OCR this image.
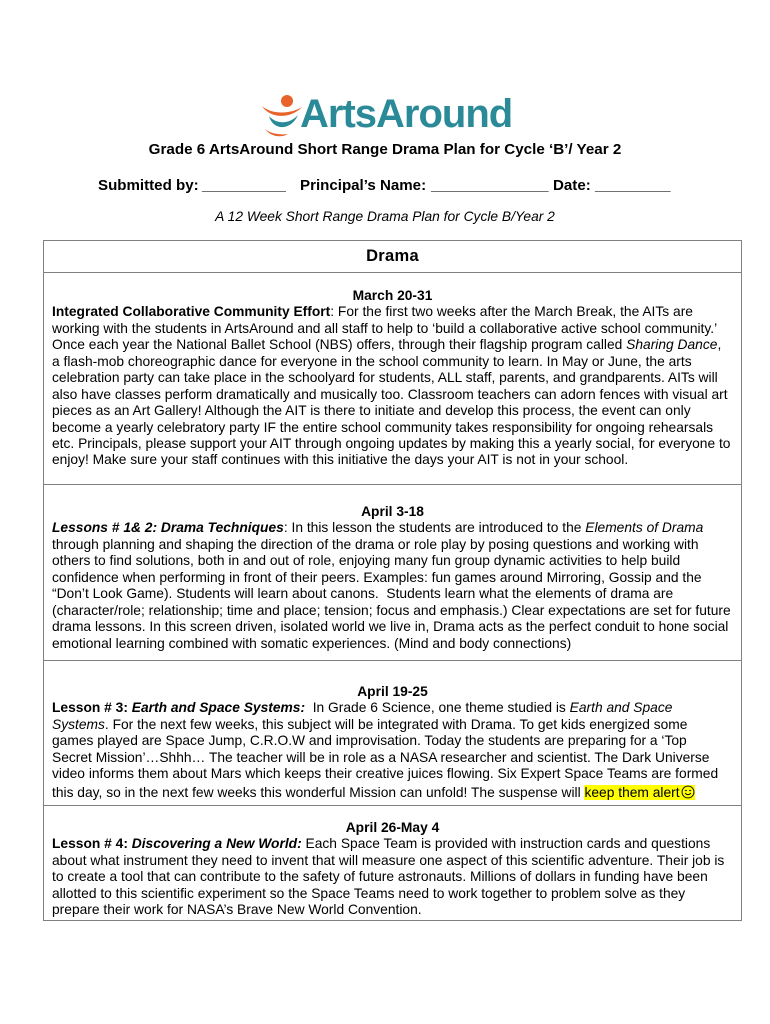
ArtsAround
Grade 6 ArtsAround Short Range Drama Plan for Cycle ‘B’/ Year 2
Submitted by: __________ Principal’s Name: ______________ Date: _________
A 12 Week Short Range Drama Plan for Cycle B/Year 2
Drama
March 20-31
Integrated Collaborative Community Effort: For the first two weeks after the March Break, the AITs are
working with the students in ArtsAround and all staff to help to ‘build a collaborative active school community.’
Once each year the National Ballet School (NBS) offers, through their flagship program called Sharing Dance,
a flash-mob choreographic dance for everyone in the school community to learn. In May or June, the arts
celebration party can take place in the schoolyard for students, ALL staff, parents, and grandparents. AITs will
also have classes perform dramatically and musically too. Classroom teachers can adorn fences with visual art
pieces as an Art Gallery! Although the AIT is there to initiate and develop this process, the event can only
become a yearly celebratory party IF the entire school community takes responsibility for ongoing rehearsals
etc. Principals, please support your AIT through ongoing updates by making this a yearly social, for everyone to
enjoy! Make sure your staff continues with this initiative the days your AIT is not in your school.
April 3-18
Lessons # 1& 2: Drama Techniques: In this lesson the students are introduced to the Elements of Drama
through planning and shaping the direction of the drama or role play by posing questions and working with
others to find solutions, both in and out of role, enjoying many fun group dynamic activities to help build
confidence when performing in front of their peers. Examples: fun games around Mirroring, Gossip and the
“Don’t Look Game). Students will learn about canons.  Students learn what the elements of drama are
(character/role; relationship; time and place; tension; focus and emphasis.) Clear expectations are set for future
drama lessons. In this screen driven, isolated world we live in, Drama acts as the perfect conduit to hone social
emotional learning combined with somatic experiences. (Mind and body connections)
April 19-25
Lesson # 3: Earth and Space Systems:  In Grade 6 Science, one theme studied is Earth and Space
Systems. For the next few weeks, this subject will be integrated with Drama. To get kids energized some
games played are Space Jump, C.R.O.W and improvisation. Today the students are preparing for a ‘Top
Secret Mission’…Shhh… The teacher will be in role as a NASA researcher and scientist. The Dark Universe
video informs them about Mars which keeps their creative juices flowing. Six Expert Space Teams are formed
this day, so in the next few weeks this wonderful Mission can unfold! The suspense will keep them alert
April 26-May 4
Lesson # 4: Discovering a New World: Each Space Team is provided with instruction cards and questions
about what instrument they need to invent that will measure one aspect of this scientific adventure. Their job is
to create a tool that can contribute to the safety of future astronauts. Millions of dollars in funding have been
allotted to this scientific experiment so the Space Teams need to work together to problem solve as they
prepare their work for NASA’s Brave New World Convention.
